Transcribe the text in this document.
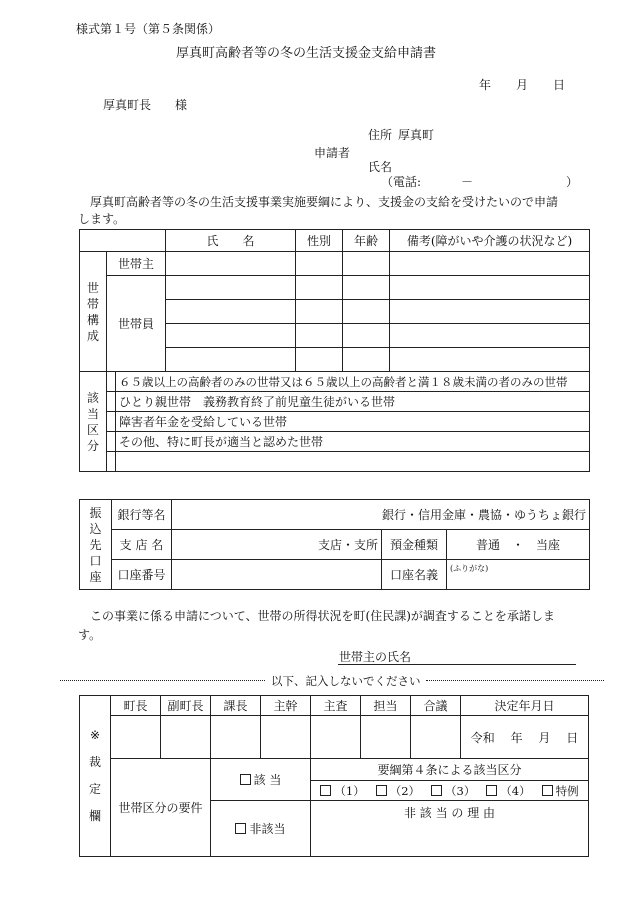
様式第１号（第５条関係）
厚真町高齢者等の冬の生活支援金支給申請書
年 月 日
厚真町長　　様
住所 厚真町
申請者
氏名
（電話:	－	）
厚真町高齢者等の冬の生活支援事業実施要綱により、支援金の支給を受けたいので申請
します。
			氏　　名	性別	年齢	備考(障がいや介護の状況など)

世
帯
構
成	世帯主					
	世帯員					

該
当
区
分		６５歳以上の高齢者のみの世帯又は６５歳以上の高齢者と満１８歳未満の者のみの世帯				
		ひとり親世帯　義務教育終了前児童生徒がいる世帯				
		障害者年金を受給している世帯				
		その他、特に町長が適当と認めた世帯				

振
込
先
口
座	銀行等名	銀行・信用金庫・農協・ゆうちょ銀行		
	支 店 名	支店・支所	預金種類	普通　・　当座
	口座番号		口座名義	(ふりがな)
この事業に係る申請について、世帯の所得状況を町(住民課)が調査することを承諾しま
す。
世帯主の氏名
以下、記入しないでください
※
裁
定
欄	町長	副町長	課長	主幹	主査	担当	合議	決定年月日
								令和　 年　 月　 日
	世帯区分の要件		該 当		要綱第４条による該当区分			
					（1） （2） （3） （4） 特例			
			非該当		非 該 当 の 理 由			
